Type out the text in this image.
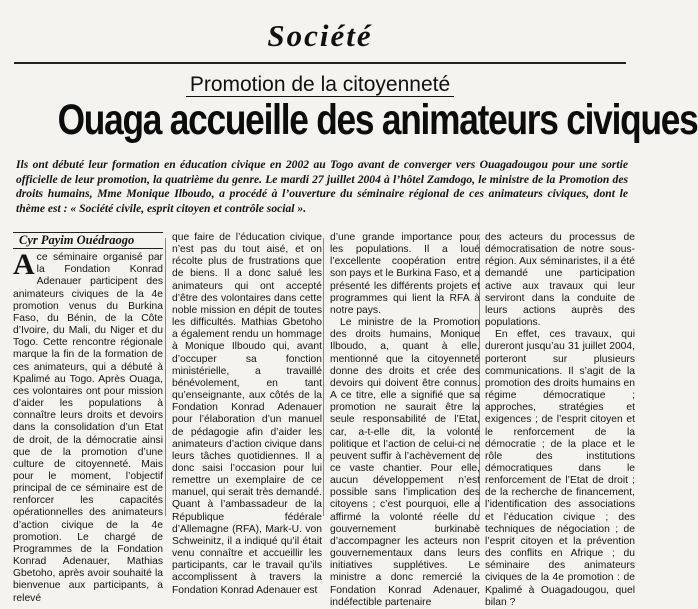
Société
Promotion de la citoyenneté
Ouaga accueille des animateurs civiques
Ils ont débuté leur formation en éducation civique en 2002 au Togo avant de converger vers Ouagadougou pour une sortie officielle de leur promotion, la quatrième du genre. Le mardi 27 juillet 2004 à l’hôtel Zamdogo, le ministre de la Promotion des droits humains, Mme Monique Ilboudo, a procédé à l’ouverture du séminaire régional de ces animateurs civiques, dont le thème est : « Société civile, esprit citoyen et contrôle social ».
Cyr Payim Ouédraogo

Ace séminaire organisé par la Fondation Konrad Adenauer participent des animateurs civiques de la 4e promotion venus du Burkina Faso, du Bénin, de la Côte d’Ivoire, du Mali, du Niger et du Togo. Cette rencontre régionale marque la fin de la formation de ces animateurs, qui a débuté à Kpalimé au Togo. Après Ouaga, ces volontaires ont pour mission d’aider les populations à connaître leurs droits et devoirs dans la consolidation d’un Etat de droit, de la démocratie ainsi que de la promotion d’une culture de citoyenneté. Mais pour le moment, l’objectif principal de ce séminaire est de renforcer les capacités opérationnelles des animateurs d’action civique de la 4e promotion. Le chargé de Programmes de la Fondation Konrad Adenauer, Mathias Gbetoho, après avoir souhaité la bienvenue aux participants, a relevé

que faire de l’éducation civique n’est pas du tout aisé, et on récolte plus de frustrations que de biens. Il a donc salué les animateurs qui ont accepté d’être des volontaires dans cette noble mission en dépit de toutes les difficultés. Mathias Gbetoho a également rendu un hommage à Monique Ilboudo qui, avant d’occuper sa fonction ministérielle, a travaillé bénévolement, en tant qu’enseignante, aux côtés de la Fondation Konrad Adenauer pour l’élaboration d’un manuel de pédagogie afin d’aider les animateurs d’action civique dans leurs tâches quotidiennes. Il a donc saisi l’occasion pour lui remettre un exemplaire de ce manuel, qui serait très demandé. Quant à l’ambassadeur de la République fédérale d’Allemagne (RFA), Mark-U. von Schweinitz, il a indiqué qu’il était venu connaître et accueillir les participants, car le travail qu’ils accomplissent à travers la Fondation Konrad Adenauer est

d’une grande importance pour les populations. Il a loué l’excellente coopération entre son pays et le Burkina Faso, et a présenté les différents projets et programmes qui lient la RFA à notre pays.

Le ministre de la Promotion des droits humains, Monique Ilboudo, a, quant à elle, mentionné que la citoyenneté donne des droits et crée des devoirs qui doivent être connus. A ce titre, elle a signifié que sa promotion ne saurait être la seule responsabilité de l’Etat, car, a-t-elle dit, la volonté politique et l’action de celui-ci ne peuvent suffir à l’achèvement de ce vaste chantier. Pour elle, aucun développement n’est possible sans l’implication des citoyens ; c’est pourquoi, elle a affirmé la volonté réelle du gouvernement burkinabè d’accompagner les acteurs non gouvernementaux dans leurs initiatives supplétives. Le ministre a donc remercié la Fondation Konrad Adenauer, indéfectible partenaire

des acteurs du processus de démocratisation de notre sous-région. Aux séminaristes, il a été demandé une participation active aux travaux qui leur serviront dans la conduite de leurs actions auprès des populations.

En effet, ces travaux, qui dureront jusqu’au 31 juillet 2004, porteront sur plusieurs communications. Il s’agit de la promotion des droits humains en régime démocratique ; approches, stratégies et exigences ; de l’esprit citoyen et le renforcement de la démocratie ; de la place et le rôle des institutions démocratiques dans le renforcement de l’Etat de droit ; de la recherche de financement, l’identification des associations et l’éducation civique ; des techniques de négociation ; de l’esprit citoyen et la prévention des conflits en Afrique ; du séminaire des animateurs civiques de la 4e promotion : de Kpalimé à Ouagadougou, quel bilan ?
